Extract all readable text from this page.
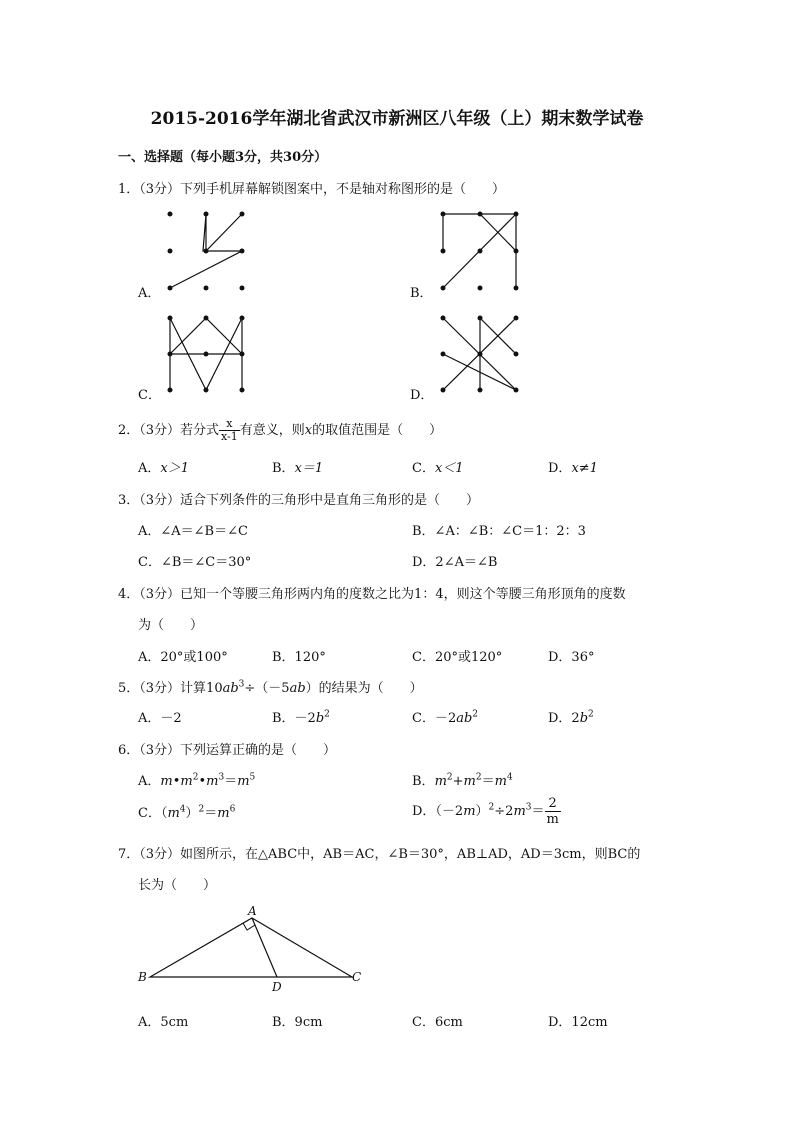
2015-2016学年湖北省武汉市新洲区八年级（上）期末数学试卷
一、选择题（每小题3分，共30分）
1．（3分）下列手机屏幕解锁图案中，不是轴对称图形的是（　　）
A．	B．
C．	D．
2．（3分）若分式 $\frac{x}{x-1}$ 有意义，则x的取值范围是（　　）
A．x＞1	B．x＝1	C．x＜1	D．x≠1
3．（3分）适合下列条件的三角形中是直角三角形的是（　　）
A．∠A＝∠B＝∠C	B．∠A：∠B：∠C＝1：2：3
C．∠B＝∠C＝30°	D．2∠A＝∠B
4．（3分）已知一个等腰三角形两内角的度数之比为1：4，则这个等腰三角形顶角的度数
为（　　）
A．20°或100°	B．120°	C．20°或120°	D．36°
5．（3分）计算$10ab^3\div(-5ab)$的结果为（　　）
A．－2	B．$-2b^2$	C．$-2ab^2$	D．$2b^2$
6．（3分）下列运算正确的是（　　）
A．$m•m^2•m^3=m^5$	B．$m^2+m^2=m^4$
C．$(m^4)^2=m^6$	D．$(-2m)^2\div 2m^3= \frac{2}{m}$
7．（3分）如图所示，在△ABC中，AB＝AC，∠B＝30°，AB⊥AD，AD＝3cm，则BC的
长为（　　）
A
B	C
D
A．5cm	B．9cm	C．6cm	D．12cm
